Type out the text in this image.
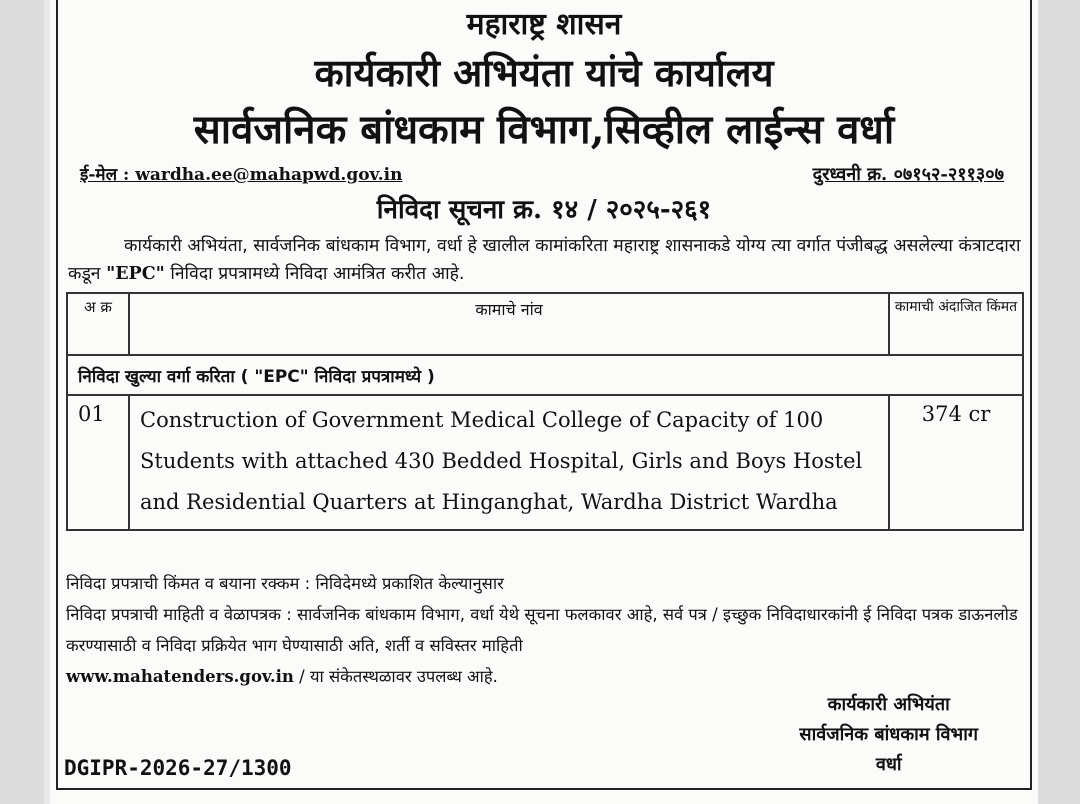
महाराष्ट्र शासन
कार्यकारी अभियंता यांचे कार्यालय
सार्वजनिक बांधकाम विभाग,सिव्हील लाईन्स वर्धा
ई-मेल : wardha.ee@mahapwd.gov.in	दुरध्वनी क्र. ०७१५२-२११३०७
निविदा सूचना क्र. १४ / २०२५-२६१
कार्यकारी अभियंता, सार्वजनिक बांधकाम विभाग, वर्धा हे खालील कामांकरिता महाराष्ट्र शासनाकडे योग्य त्या वर्गात पंजीबद्ध असलेल्या कंत्राटदारा कडून "EPC" निविदा प्रपत्रामध्ये निविदा आमंत्रित करीत आहे.
अ क्र	कामाचे नांव	कामाची अंदाजित किंमत
निविदा खुल्या वर्गा करिता ( "EPC" निविदा प्रपत्रामध्ये )		
01	Construction of Government Medical College of Capacity of 100 Students with attached 430 Bedded Hospital, Girls and Boys Hostel and Residential Quarters at Hinganghat, Wardha District Wardha	374 cr
निविदा प्रपत्राची किंमत व बयाना रक्कम : निविदेमध्ये प्रकाशित केल्यानुसार
निविदा प्रपत्राची माहिती व वेळापत्रक : सार्वजनिक बांधकाम विभाग, वर्धा येथे सूचना फलकावर आहे, सर्व पत्र / इच्छुक निविदाधारकांनी ई निविदा पत्रक डाऊनलोड करण्यासाठी व निविदा प्रक्रियेत भाग घेण्यासाठी अति, शर्ती व सविस्तर माहिती
www.mahatenders.gov.in / या संकेतस्थळावर उपलब्ध आहे.
कार्यकारी अभियंता
सार्वजनिक बांधकाम विभाग
वर्धा
DGIPR-2026-27/1300
